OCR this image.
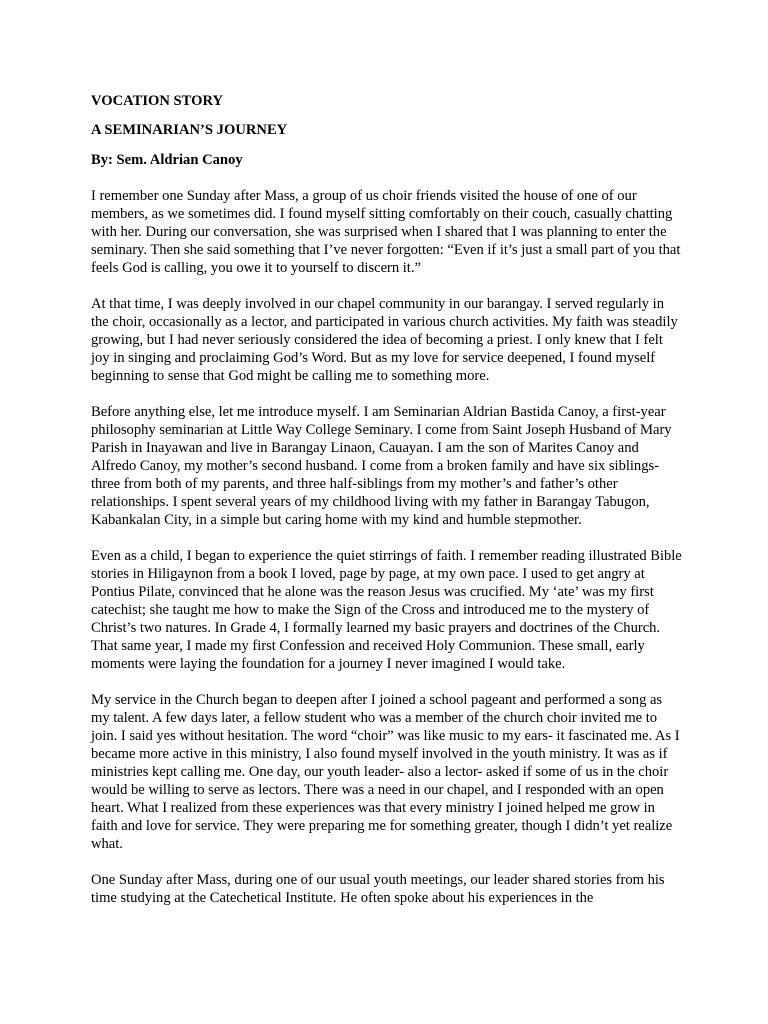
VOCATION STORY

A SEMINARIAN’S JOURNEY

By: Sem. Aldrian Canoy

I remember one Sunday after Mass, a group of us choir friends visited the house of one of our members, as we sometimes did. I found myself sitting comfortably on their couch, casually chatting with her. During our conversation, she was surprised when I shared that I was planning to enter the seminary. Then she said something that I’ve never forgotten: “Even if it’s just a small part of you that feels God is calling, you owe it to yourself to discern it.”

At that time, I was deeply involved in our chapel community in our barangay. I served regularly in the choir, occasionally as a lector, and participated in various church activities. My faith was steadily growing, but I had never seriously considered the idea of becoming a priest. I only knew that I felt joy in singing and proclaiming God’s Word. But as my love for service deepened, I found myself beginning to sense that God might be calling me to something more.

Before anything else, let me introduce myself. I am Seminarian Aldrian Bastida Canoy, a first-year philosophy seminarian at Little Way College Seminary. I come from Saint Joseph Husband of Mary Parish in Inayawan and live in Barangay Linaon, Cauayan. I am the son of Marites Canoy and Alfredo Canoy, my mother’s second husband. I come from a broken family and have six siblings- three from both of my parents, and three half-siblings from my mother’s and father’s other relationships. I spent several years of my childhood living with my father in Barangay Tabugon, Kabankalan City, in a simple but caring home with my kind and humble stepmother.

Even as a child, I began to experience the quiet stirrings of faith. I remember reading illustrated Bible stories in Hiligaynon from a book I loved, page by page, at my own pace. I used to get angry at Pontius Pilate, convinced that he alone was the reason Jesus was crucified. My ‘ate’ was my first catechist; she taught me how to make the Sign of the Cross and introduced me to the mystery of Christ’s two natures. In Grade 4, I formally learned my basic prayers and doctrines of the Church. That same year, I made my first Confession and received Holy Communion. These small, early moments were laying the foundation for a journey I never imagined I would take.

My service in the Church began to deepen after I joined a school pageant and performed a song as my talent. A few days later, a fellow student who was a member of the church choir invited me to join. I said yes without hesitation. The word “choir” was like music to my ears- it fascinated me. As I became more active in this ministry, I also found myself involved in the youth ministry. It was as if ministries kept calling me. One day, our youth leader- also a lector- asked if some of us in the choir would be willing to serve as lectors. There was a need in our chapel, and I responded with an open heart. What I realized from these experiences was that every ministry I joined helped me grow in faith and love for service. They were preparing me for something greater, though I didn’t yet realize what.

One Sunday after Mass, during one of our usual youth meetings, our leader shared stories from his time studying at the Catechetical Institute. He often spoke about his experiences in the
